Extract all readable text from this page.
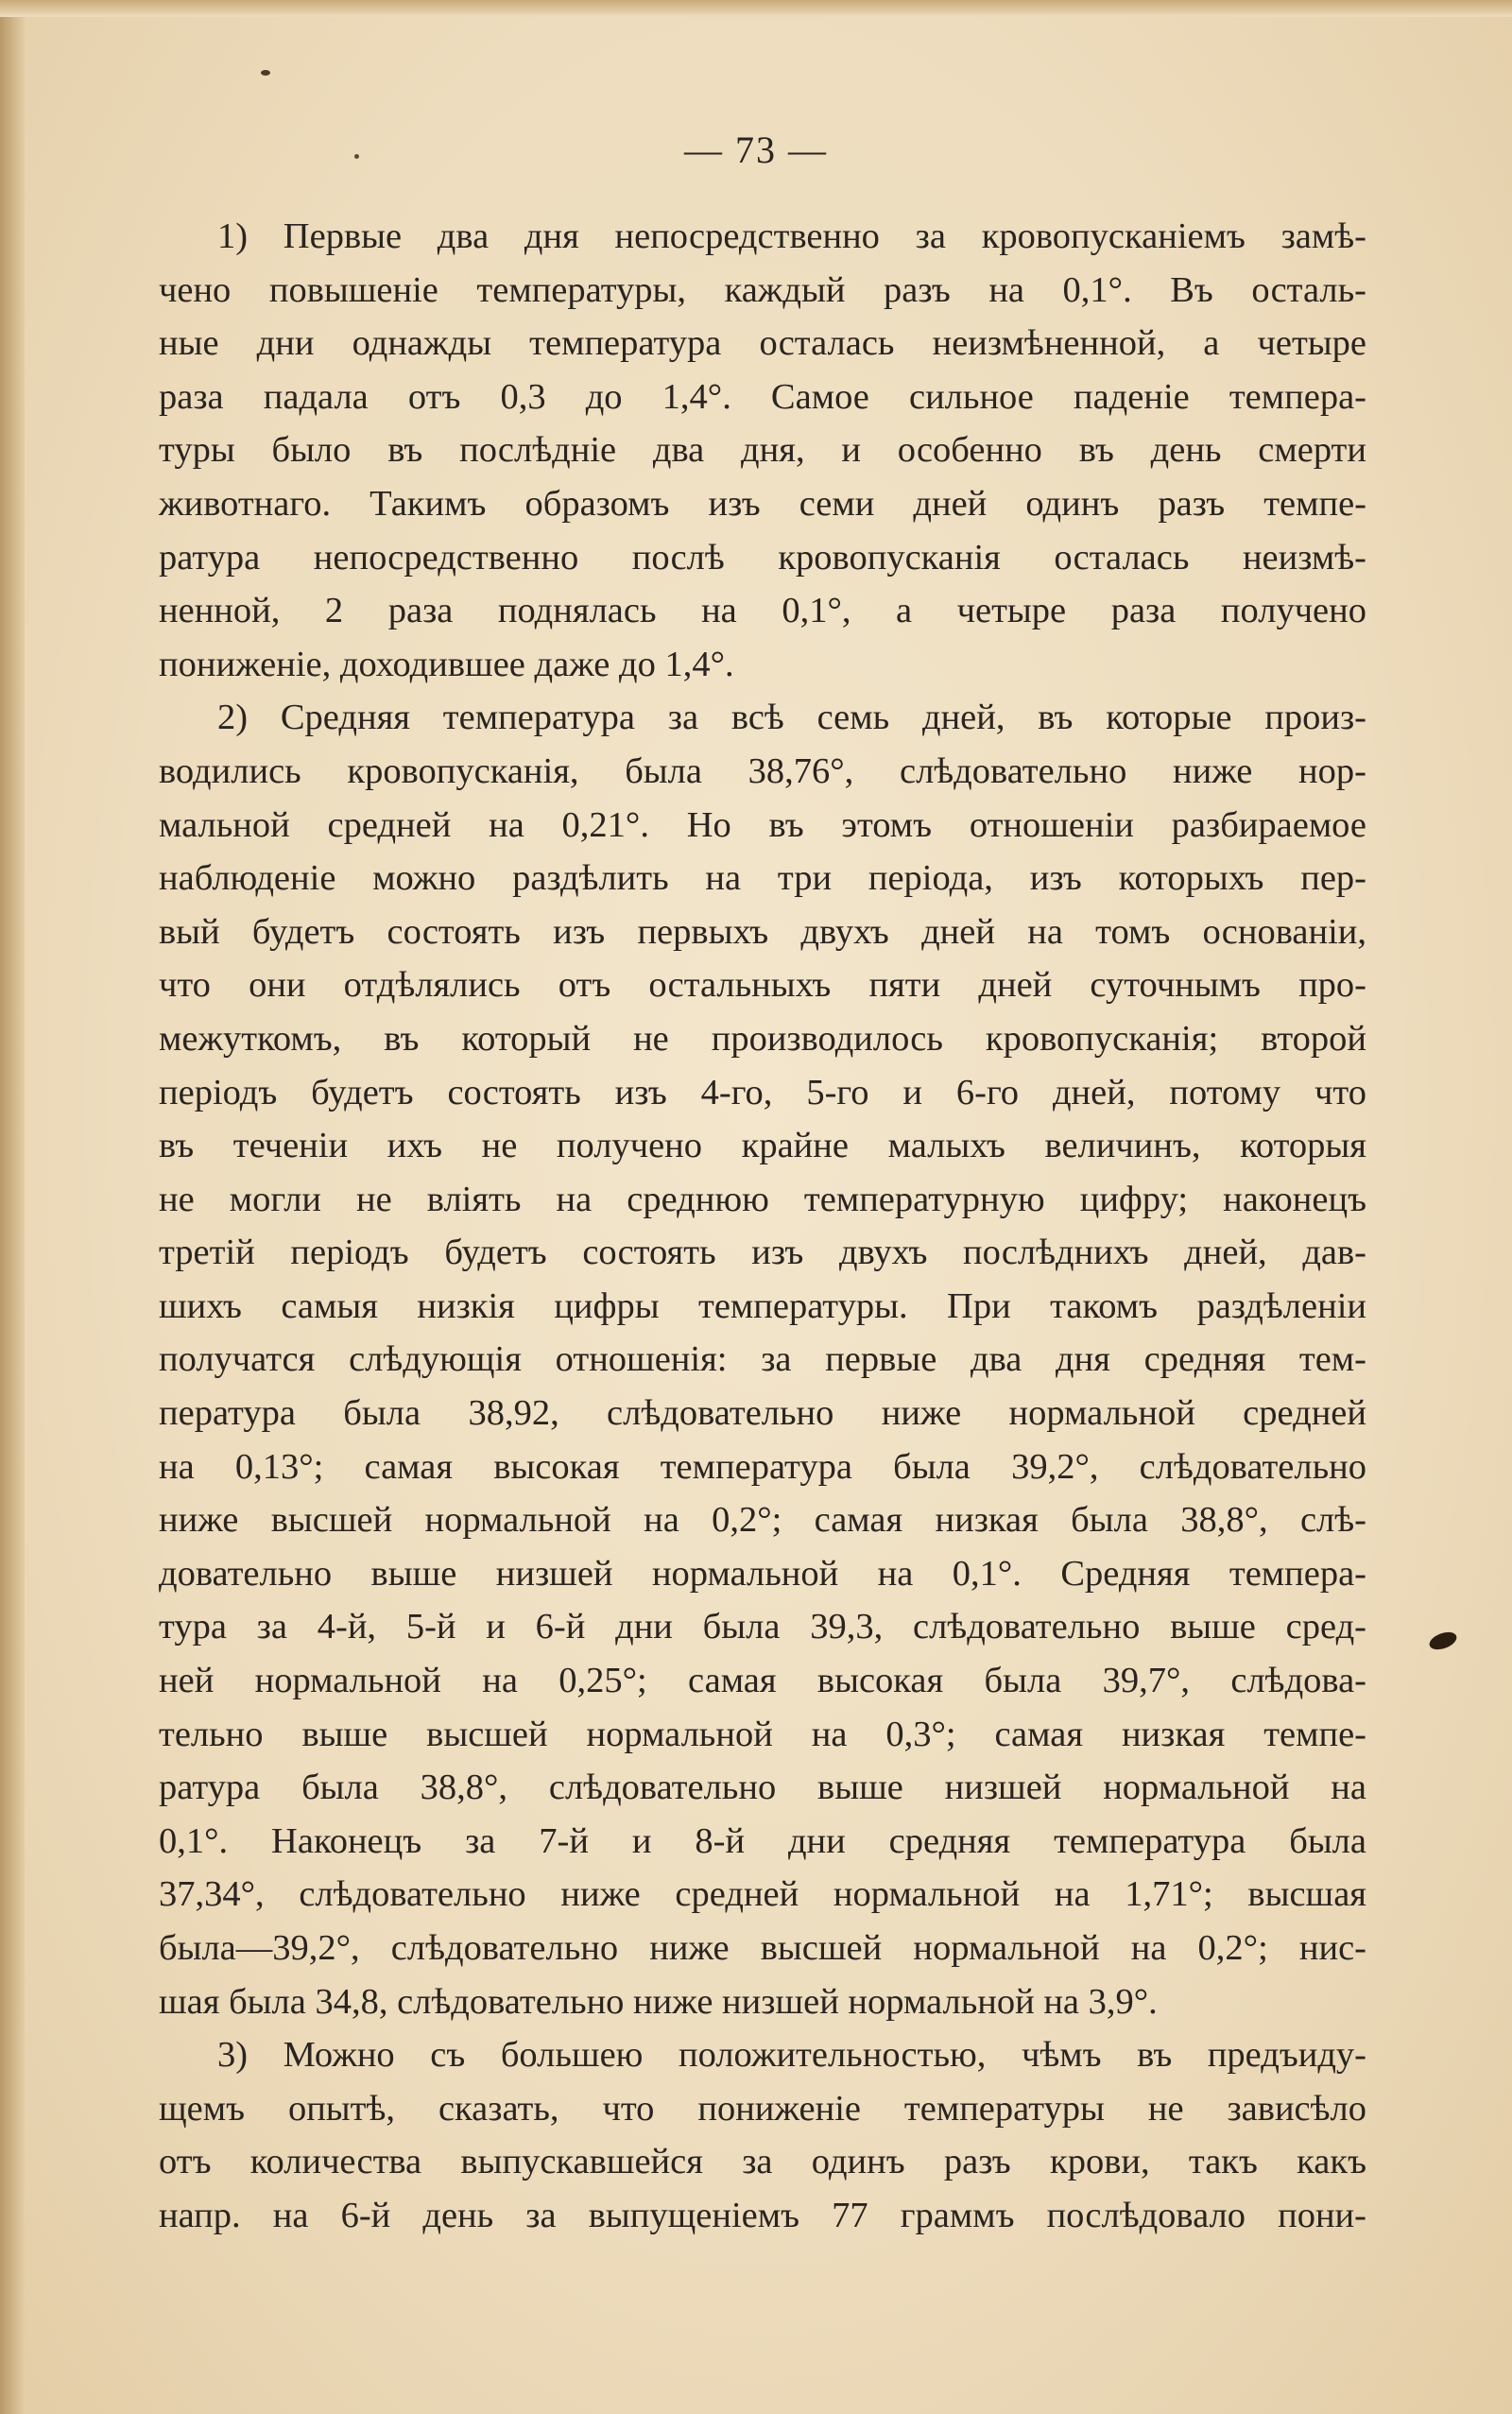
— 73 —
1) Первые два дня непосредственно за кровопусканіемъ замѣ-
чено повышеніе температуры, каждый разъ на 0,1°. Въ осталь-
ные дни однажды температура осталась неизмѣненной, а четыре
раза падала отъ 0,3 до 1,4°. Самое сильное паденіе темпера-
туры было въ послѣдніе два дня, и особенно въ день смерти
животнаго. Такимъ образомъ изъ семи дней одинъ разъ темпе-
ратура непосредственно послѣ кровопусканія осталась неизмѣ-
ненной, 2 раза поднялась на 0,1°, а четыре раза получено
пониженіе, доходившее даже до 1,4°.
2) Средняя температура за всѣ семь дней, въ которые произ-
водились кровопусканія, была 38,76°, слѣдовательно ниже нор-
мальной средней на 0,21°. Но въ этомъ отношеніи разбираемое
наблюденіе можно раздѣлить на три періода, изъ которыхъ пер-
вый будетъ состоять изъ первыхъ двухъ дней на томъ основаніи,
что они отдѣлялись отъ остальныхъ пяти дней суточнымъ про-
межуткомъ, въ который не производилось кровопусканія; второй
періодъ будетъ состоять изъ 4-го, 5-го и 6-го дней, потому что
въ теченіи ихъ не получено крайне малыхъ величинъ, которыя
не могли не вліять на среднюю температурную цифру; наконецъ
третій періодъ будетъ состоять изъ двухъ послѣднихъ дней, дав-
шихъ самыя низкія цифры температуры. При такомъ раздѣленіи
получатся слѣдующія отношенія: за первые два дня средняя тем-
пература была 38,92, слѣдовательно ниже нормальной средней
на 0,13°; самая высокая температура была 39,2°, слѣдовательно
ниже высшей нормальной на 0,2°; самая низкая была 38,8°, слѣ-
довательно выше низшей нормальной на 0,1°. Средняя темпера-
тура за 4-й, 5-й и 6-й дни была 39,3, слѣдовательно выше сред-
ней нормальной на 0,25°; самая высокая была 39,7°, слѣдова-
тельно выше высшей нормальной на 0,3°; самая низкая темпе-
ратура была 38,8°, слѣдовательно выше низшей нормальной на
0,1°. Наконецъ за 7-й и 8-й дни средняя температура была
37,34°, слѣдовательно ниже средней нормальной на 1,71°; высшая
была—39,2°, слѣдовательно ниже высшей нормальной на 0,2°; нис-
шая была 34,8, слѣдовательно ниже низшей нормальной на 3,9°.
3) Можно съ большею положительностью, чѣмъ въ предъиду-
щемъ опытѣ, сказать, что пониженіе температуры не зависѣло
отъ количества выпускавшейся за одинъ разъ крови, такъ какъ
напр. на 6-й день за выпущеніемъ 77 граммъ послѣдовало пони-
